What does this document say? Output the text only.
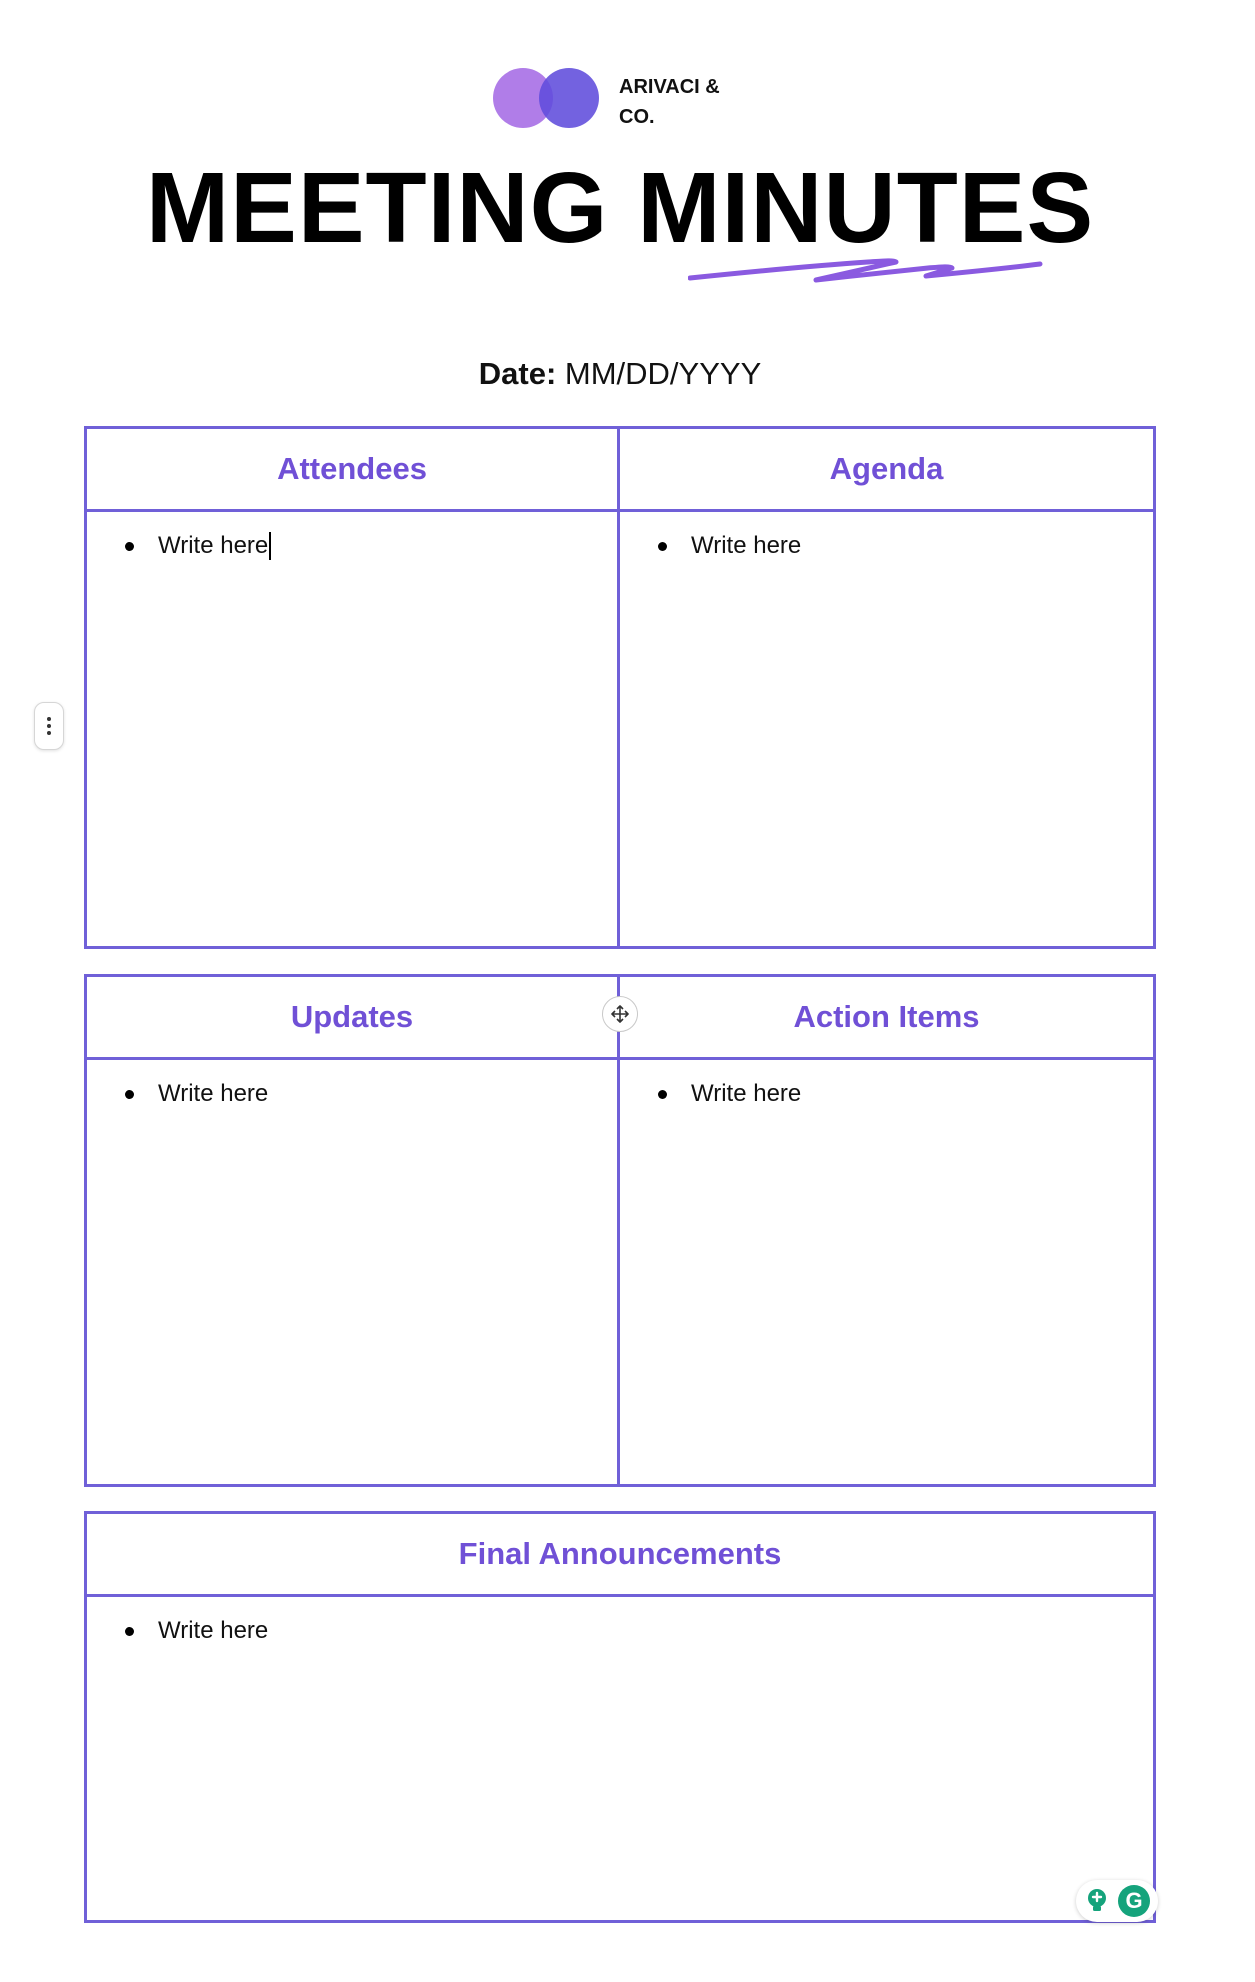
ARIVACI &
CO.
MEETING MINUTES
Date: MM/DD/YYYY
Attendees	Agenda
Write here	Write here
Updates	Action Items
Write here	Write here
Final Announcements
Write here
G
